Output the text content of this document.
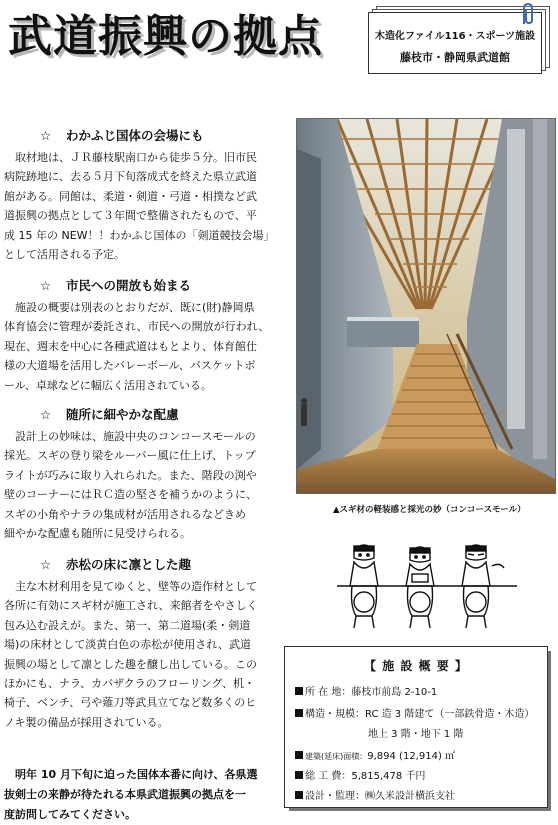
武道振興の拠点	木造化ファイル116・スポーツ施設
藤枝市・静岡県武道館
☆ わかふじ国体の会場にも
　取材地は、ＪＲ藤枝駅南口から徒歩５分。旧市民
病院跡地に、去る５月下旬落成式を終えた県立武道
館がある。同館は、柔道・剣道・弓道・相撲など武
道振興の拠点として３年間で整備されたもので、平
成 15 年の NEW！！わかふじ国体の「剣道競技会場」
として活用される予定。
☆ 市民への開放も始まる
　施設の概要は別表のとおりだが、既に(財)静岡県
体育協会に管理が委託され、市民への開放が行われ、
現在、週末を中心に各種武道はもとより、体育館仕
様の大道場を活用したバレーボール、バスケットボ
ール、卓球などに幅広く活用されている。
☆ 随所に細やかな配慮
　設計上の妙味は、施設中央のコンコースモールの
採光。スギの登り梁をルーバー風に仕上げ、トップ
ライトが巧みに取り入れられた。また、階段の渕や
壁のコーナーにはＲＣ造の堅さを補うかのように、
スギの小角やナラの集成材が活用されるなどきめ
細やかな配慮も随所に見受けられる。
☆ 赤松の床に凛とした趣
　主な木材利用を見てゆくと、壁等の造作材として
各所に有効にスギ材が施工され、来館者をやさしく
包み込む設えが。また、第一、第二道場(柔・剣道
場)の床材として淡黄白色の赤松が使用され、武道
振興の場として凛とした趣を醸し出している。この
ほかにも、ナラ、カバザクラのフローリング、机・
椅子、ベンチ、弓や薙刀等武具立てなど数多くのヒ
ノキ製の備品が採用されている。
　明年 10 月下旬に迫った国体本番に向け、各県選
抜剣士の来静が待たれる本県武道振興の拠点を一
度訪問してみてください。
▲スギ材の軽装感と採光の妙（コンコースモール）
【 施 設 概 要 】
所 在 地：藤枝市前島 2-10-1
構造・規模：RC 造 3 階建て（一部鉄骨造・木造）
地上 3 階・地下 1 階
建築(延床)面積：9,894 (12,914) ㎡
総 工 費：5,815,478 千円
設計・監理：㈱久米設計横浜支社
